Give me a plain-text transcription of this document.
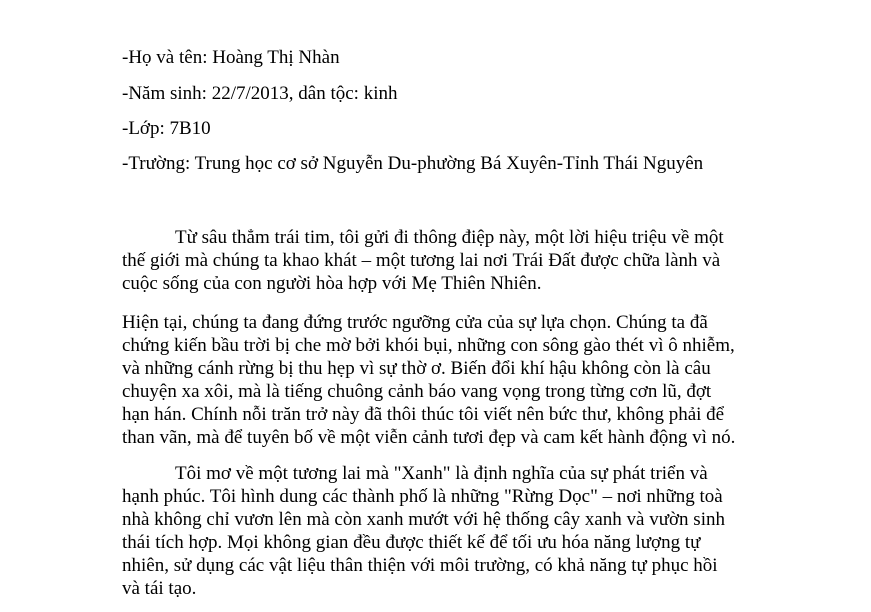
-Họ và tên: Hoàng Thị Nhàn
-Năm sinh: 22/7/2013, dân tộc: kinh
-Lớp: 7B10
-Trường: Trung học cơ sở Nguyễn Du-phường Bá Xuyên-Tỉnh Thái Nguyên

Từ sâu thẳm trái tim, tôi gửi đi thông điệp này, một lời hiệu triệu về một
thế giới mà chúng ta khao khát – một tương lai nơi Trái Đất được chữa lành và
cuộc sống của con người hòa hợp với Mẹ Thiên Nhiên.

Hiện tại, chúng ta đang đứng trước ngưỡng cửa của sự lựa chọn. Chúng ta đã
chứng kiến bầu trời bị che mờ bởi khói bụi, những con sông gào thét vì ô nhiễm,
và những cánh rừng bị thu hẹp vì sự thờ ơ. Biến đổi khí hậu không còn là câu
chuyện xa xôi, mà là tiếng chuông cảnh báo vang vọng trong từng cơn lũ, đợt
hạn hán. Chính nỗi trăn trở này đã thôi thúc tôi viết nên bức thư, không phải để
than vãn, mà để tuyên bố về một viễn cảnh tươi đẹp và cam kết hành động vì nó.

Tôi mơ về một tương lai mà "Xanh" là định nghĩa của sự phát triển và
hạnh phúc. Tôi hình dung các thành phố là những "Rừng Dọc" – nơi những toà
nhà không chỉ vươn lên mà còn xanh mướt với hệ thống cây xanh và vườn sinh
thái tích hợp. Mọi không gian đều được thiết kế để tối ưu hóa năng lượng tự
nhiên, sử dụng các vật liệu thân thiện với môi trường, có khả năng tự phục hồi
và tái tạo.
